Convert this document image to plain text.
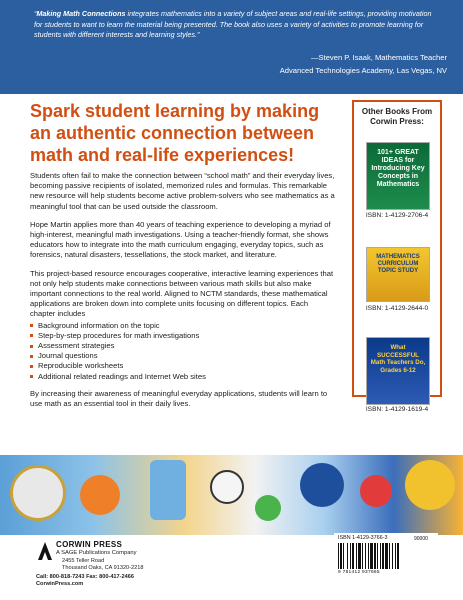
“Making Math Connections integrates mathematics into a variety of subject areas and real-life settings, providing motivation for students to want to learn the material being presented. The book also uses a variety of activities to promote learning for students with different interests and learning styles.”
—Steven P. Isaak, Mathematics Teacher
Advanced Technologies Academy, Las Vegas, NV
Spark student learning by making an authentic connection between math and real-life experiences!

Students often fail to make the connection between “school math” and their everyday lives, becoming passive recipients of isolated, memorized rules and formulas. This remarkable new resource will help students become active problem-solvers who see mathematics as a meaningful tool that can be used outside the classroom.

Hope Martin applies more than 40 years of teaching experience to developing a myriad of high-interest, meaningful math investigations. Using a teacher-friendly format, she shows educators how to integrate into the math curriculum engaging, everyday topics, such as forensics, natural disasters, tessellations, the stock market, and literature.

This project-based resource encourages cooperative, interactive learning experiences that not only help students make connections between various math skills but also make important connections to the real world. Aligned to NCTM standards, these mathematical applications are broken down into complete units focusing on different topics. Each chapter includes

Background information on the topic
Step-by-step procedures for math investigations
Assessment strategies
Journal questions
Reproducible worksheets
Additional related readings and Internet Web sites

By increasing their awareness of meaningful everyday applications, students will learn to use math as an essential tool in their daily lives.

Other Books From Corwin Press:
101+ GREAT IDEAS for Introducing Key Concepts in Mathematics
ISBN: 1-4129-2706-4
MATHEMATICS CURRICULUM TOPIC STUDY
ISBN: 1-4129-2644-0
What SUCCESSFUL Math Teachers Do, Grades 6-12
ISBN: 1-4129-1619-4
CORWIN PRESS
A SAGE Publications Company
2455 Teller Road
Thousand Oaks, CA 91320-2218
Call: 800-818-7243 Fax: 800-417-2466
CorwinPress.com
ISBN 1-4129-3766-3	90000
9 781412 937665
